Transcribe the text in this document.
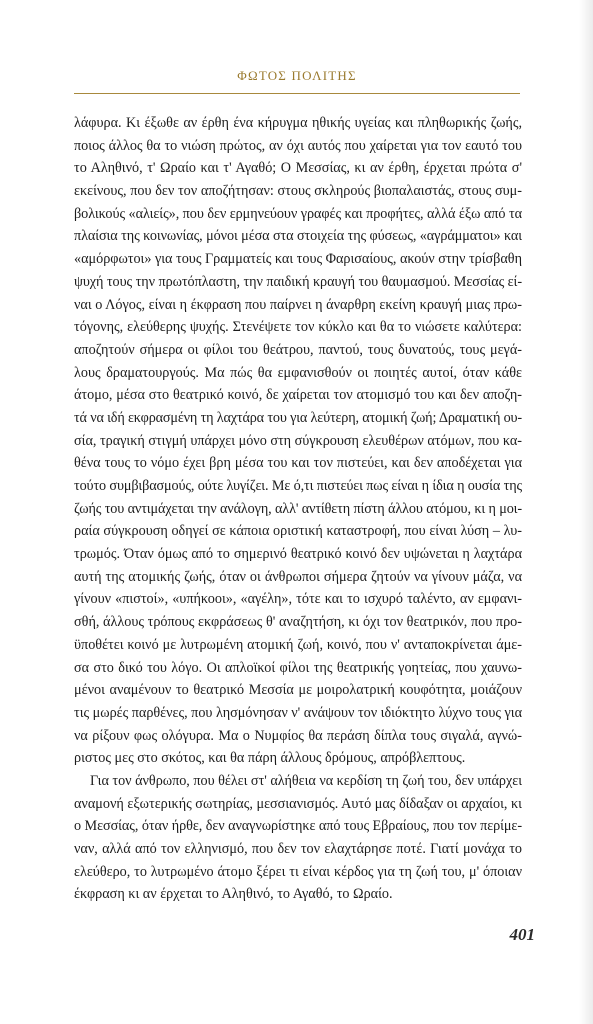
ΦΩΤΟΣ ΠΟΛΙΤΗΣ
λάφυρα. Κι έξωθε αν έρθη ένα κήρυγμα ηθικής υγείας και πληθωρικής ζωής,
ποιος άλλος θα το νιώση πρώτος, αν όχι αυτός που χαίρεται για τον εαυτό του
το Αληθινό, τ' Ωραίο και τ' Αγαθό; Ο Μεσσίας, κι αν έρθη, έρχεται πρώτα σ'
εκείνους, που δεν τον αποζήτησαν: στους σκληρούς βιοπαλαιστάς, στους συμ-
βολικούς «αλιείς», που δεν ερμηνεύουν γραφές και προφήτες, αλλά έξω από τα
πλαίσια της κοινωνίας, μόνοι μέσα στα στοιχεία της φύσεως, «αγράμματοι» και
«αμόρφωτοι» για τους Γραμματείς και τους Φαρισαίους, ακούν στην τρίσβαθη
ψυχή τους την πρωτόπλαστη, την παιδική κραυγή του θαυμασμού. Μεσσίας εί-
ναι ο Λόγος, είναι η έκφραση που παίρνει η άναρθρη εκείνη κραυγή μιας πρω-
τόγονης, ελεύθερης ψυχής. Στενέψετε τον κύκλο και θα το νιώσετε καλύτερα:
αποζητούν σήμερα οι φίλοι του θεάτρου, παντού, τους δυνατούς, τους μεγά-
λους δραματουργούς. Μα πώς θα εμφανισθούν οι ποιητές αυτοί, όταν κάθε
άτομο, μέσα στο θεατρικό κοινό, δε χαίρεται τον ατομισμό του και δεν αποζη-
τά να ιδή εκφρασμένη τη λαχτάρα του για λεύτερη, ατομική ζωή; Δραματική ου-
σία, τραγική στιγμή υπάρχει μόνο στη σύγκρουση ελευθέρων ατόμων, που κα-
θένα τους το νόμο έχει βρη μέσα του και τον πιστεύει, και δεν αποδέχεται για
τούτο συμβιβασμούς, ούτε λυγίζει. Με ό,τι πιστεύει πως είναι η ίδια η ουσία της
ζωής του αντιμάχεται την ανάλογη, αλλ' αντίθετη πίστη άλλου ατόμου, κι η μοι-
ραία σύγκρουση οδηγεί σε κάποια οριστική καταστροφή, που είναι λύση – λυ-
τρωμός. Όταν όμως από το σημερινό θεατρικό κοινό δεν υψώνεται η λαχτάρα
αυτή της ατομικής ζωής, όταν οι άνθρωποι σήμερα ζητούν να γίνουν μάζα, να
γίνουν «πιστοί», «υπήκοοι», «αγέλη», τότε και το ισχυρό ταλέντο, αν εμφανι-
σθή, άλλους τρόπους εκφράσεως θ' αναζητήση, κι όχι τον θεατρικόν, που προ-
ϋποθέτει κοινό με λυτρωμένη ατομική ζωή, κοινό, που ν' ανταποκρίνεται άμε-
σα στο δικό του λόγο. Οι απλοϊκοί φίλοι της θεατρικής γοητείας, που χαυνω-
μένοι αναμένουν το θεατρικό Μεσσία με μοιρολατρική κουφότητα, μοιάζουν
τις μωρές παρθένες, που λησμόνησαν ν' ανάψουν τον ιδιόκτητο λύχνο τους για
να ρίξουν φως ολόγυρα. Μα ο Νυμφίος θα περάση δίπλα τους σιγαλά, αγνώ-
ριστος μες στο σκότος, και θα πάρη άλλους δρόμους, απρόβλεπτους.
Για τον άνθρωπο, που θέλει στ' αλήθεια να κερδίση τη ζωή του, δεν υπάρχει
αναμονή εξωτερικής σωτηρίας, μεσσιανισμός. Αυτό μας δίδαξαν οι αρχαίοι, κι
ο Μεσσίας, όταν ήρθε, δεν αναγνωρίστηκε από τους Εβραίους, που τον περίμε-
ναν, αλλά από τον ελληνισμό, που δεν τον ελαχτάρησε ποτέ. Γιατί μονάχα το
ελεύθερο, το λυτρωμένο άτομο ξέρει τι είναι κέρδος για τη ζωή του, μ' όποιαν
έκφραση κι αν έρχεται το Αληθινό, το Αγαθό, το Ωραίο.
401
